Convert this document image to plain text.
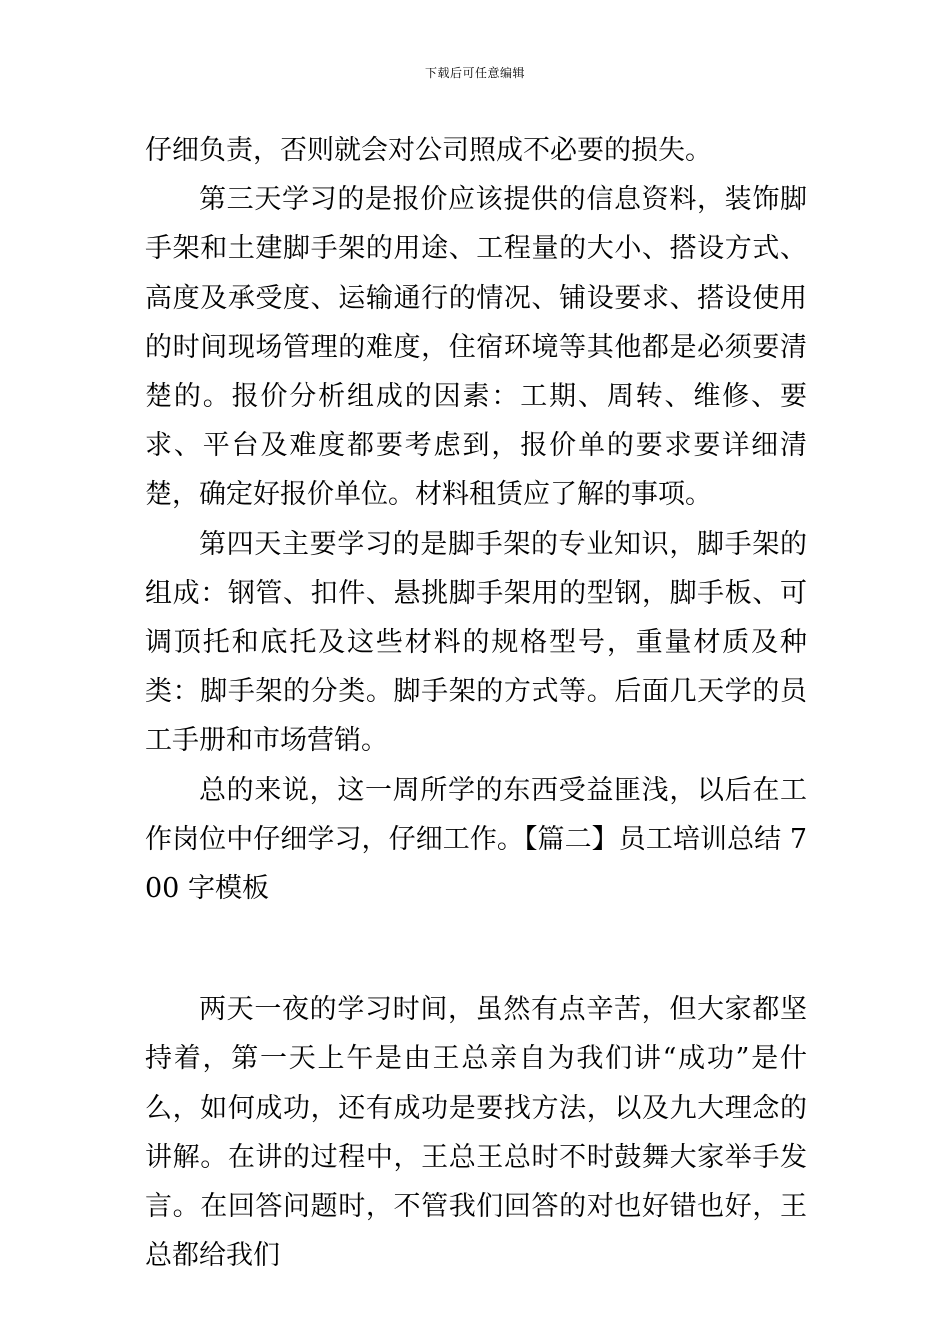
下载后可任意编辑

仔细负责，否则就会对公司照成不必要的损失。

第三天学习的是报价应该提供的信息资料，装饰脚手架和土建脚手架的用途、工程量的大小、搭设方式、高度及承受度、运输通行的情况、铺设要求、搭设使用的时间现场管理的难度，住宿环境等其他都是必须要清楚的。报价分析组成的因素：工期、周转、维修、要求、平台及难度都要考虑到，报价单的要求要详细清楚，确定好报价单位。材料租赁应了解的事项。

第四天主要学习的是脚手架的专业知识，脚手架的组成：钢管、扣件、悬挑脚手架用的型钢，脚手板、可调顶托和底托及这些材料的规格型号，重量材质及种类：脚手架的分类。脚手架的方式等。后面几天学的员工手册和市场营销。

总的来说，这一周所学的东西受益匪浅，以后在工作岗位中仔细学习，仔细工作。【篇二】员工培训总结 700 字模板

两天一夜的学习时间，虽然有点辛苦，但大家都坚持着，第一天上午是由王总亲自为我们讲“成功”是什么，如何成功，还有成功是要找方法，以及九大理念的讲解。在讲的过程中，王总王总时不时鼓舞大家举手发言。在回答问题时，不管我们回答的对也好错也好，王总都给我们
